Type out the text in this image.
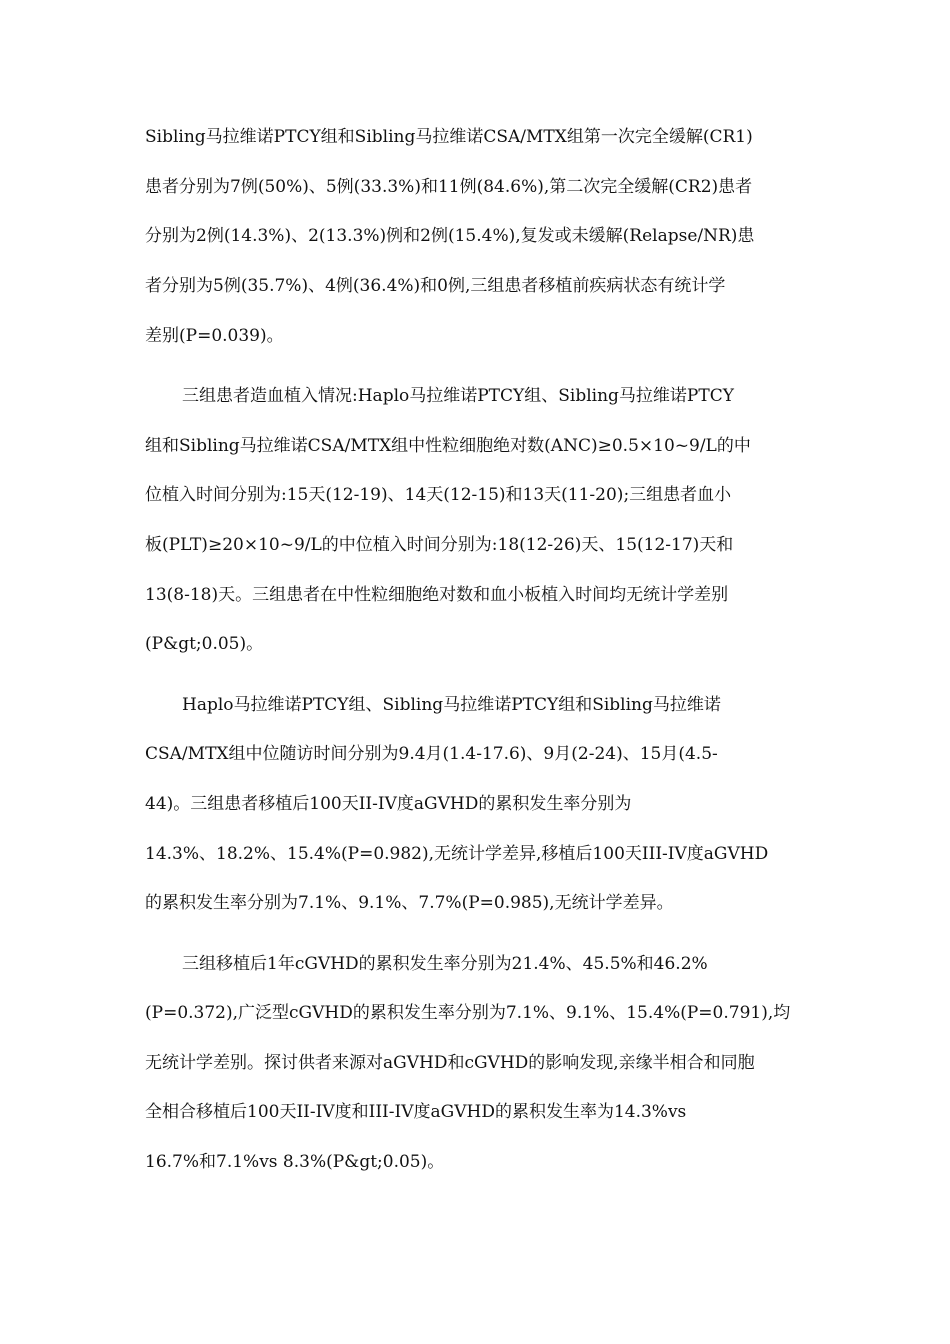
Sibling马拉维诺PTCY组和Sibling马拉维诺CSA/MTX组第一次完全缓解(CR1)
患者分别为7例(50%)、5例(33.3%)和11例(84.6%),第二次完全缓解(CR2)患者
分别为2例(14.3%)、2(13.3%)例和2例(15.4%),复发或未缓解(Relapse/NR)患
者分别为5例(35.7%)、4例(36.4%)和0例,三组患者移植前疾病状态有统计学
差别(P=0.039)。
三组患者造血植入情况:Haplo马拉维诺PTCY组、Sibling马拉维诺PTCY
组和Sibling马拉维诺CSA/MTX组中性粒细胞绝对数(ANC)≥0.5×10~9/L的中
位植入时间分别为:15天(12-19)、14天(12-15)和13天(11-20);三组患者血小
板(PLT)≥20×10~9/L的中位植入时间分别为:18(12-26)天、15(12-17)天和
13(8-18)天。三组患者在中性粒细胞绝对数和血小板植入时间均无统计学差别
(P&gt;0.05)。
Haplo马拉维诺PTCY组、Sibling马拉维诺PTCY组和Sibling马拉维诺
CSA/MTX组中位随访时间分别为9.4月(1.4-17.6)、9月(2-24)、15月(4.5-
44)。三组患者移植后100天II-IV度aGVHD的累积发生率分别为
14.3%、18.2%、15.4%(P=0.982),无统计学差异,移植后100天III-IV度aGVHD
的累积发生率分别为7.1%、9.1%、7.7%(P=0.985),无统计学差异。
三组移植后1年cGVHD的累积发生率分别为21.4%、45.5%和46.2%
(P=0.372),广泛型cGVHD的累积发生率分别为7.1%、9.1%、15.4%(P=0.791),均
无统计学差别。探讨供者来源对aGVHD和cGVHD的影响发现,亲缘半相合和同胞
全相合移植后100天II-IV度和III-IV度aGVHD的累积发生率为14.3%vs
16.7%和7.1%vs 8.3%(P&gt;0.05)。
